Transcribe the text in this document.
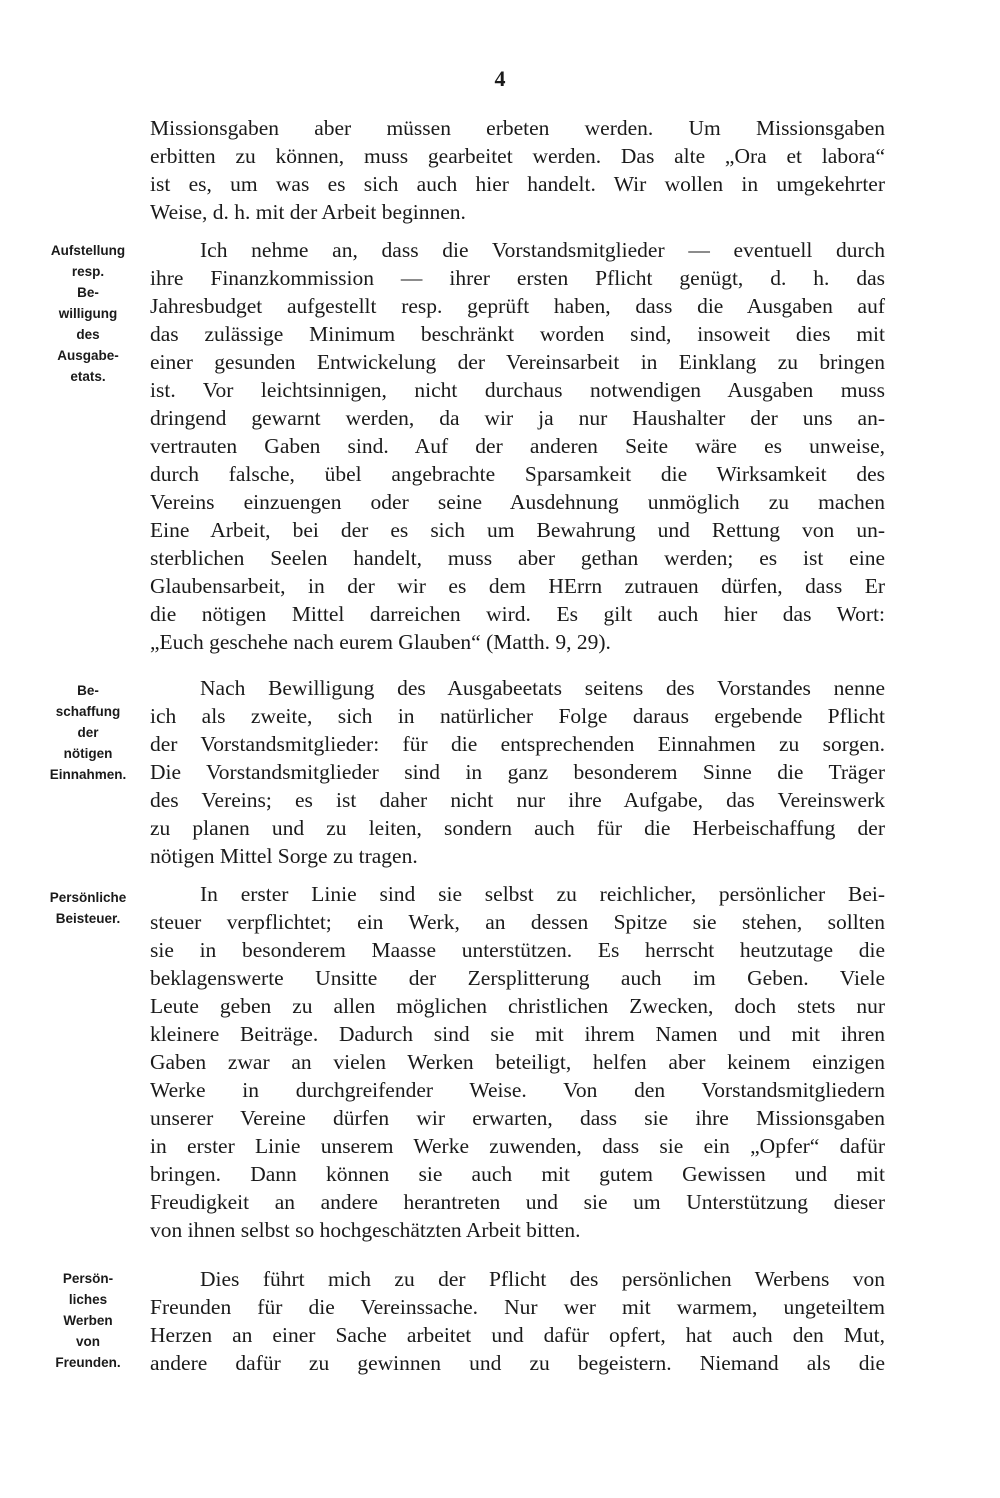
4
Missionsgaben aber müssen erbeten werden. Um Missionsgaben
erbitten zu können, muss gearbeitet werden. Das alte „Ora et labora“
ist es, um was es sich auch hier handelt. Wir wollen in umgekehrter
Weise, d. h. mit der Arbeit beginnen.
Ich nehme an, dass die Vorstandsmitglieder — eventuell durch
ihre Finanzkommission — ihrer ersten Pflicht genügt, d. h. das
Jahresbudget aufgestellt resp. geprüft haben, dass die Ausgaben auf
das zulässige Minimum beschränkt worden sind, insoweit dies mit
einer gesunden Entwickelung der Vereinsarbeit in Einklang zu bringen
ist. Vor leichtsinnigen, nicht durchaus notwendigen Ausgaben muss
dringend gewarnt werden, da wir ja nur Haushalter der uns an-
vertrauten Gaben sind. Auf der anderen Seite wäre es unweise,
durch falsche, übel angebrachte Sparsamkeit die Wirksamkeit des
Vereins einzuengen oder seine Ausdehnung unmöglich zu machen
Eine Arbeit, bei der es sich um Bewahrung und Rettung von un-
sterblichen Seelen handelt, muss aber gethan werden; es ist eine
Glaubensarbeit, in der wir es dem HErrn zutrauen dürfen, dass Er
die nötigen Mittel darreichen wird. Es gilt auch hier das Wort:
„Euch geschehe nach eurem Glauben“ (Matth. 9, 29).
Nach Bewilligung des Ausgabeetats seitens des Vorstandes nenne
ich als zweite, sich in natürlicher Folge daraus ergebende Pflicht
der Vorstandsmitglieder: für die entsprechenden Einnahmen zu sorgen.
Die Vorstandsmitglieder sind in ganz besonderem Sinne die Träger
des Vereins; es ist daher nicht nur ihre Aufgabe, das Vereinswerk
zu planen und zu leiten, sondern auch für die Herbeischaffung der
nötigen Mittel Sorge zu tragen.
In erster Linie sind sie selbst zu reichlicher, persönlicher Bei-
steuer verpflichtet; ein Werk, an dessen Spitze sie stehen, sollten
sie in besonderem Maasse unterstützen. Es herrscht heutzutage die
beklagenswerte Unsitte der Zersplitterung auch im Geben. Viele
Leute geben zu allen möglichen christlichen Zwecken, doch stets nur
kleinere Beiträge. Dadurch sind sie mit ihrem Namen und mit ihren
Gaben zwar an vielen Werken beteiligt, helfen aber keinem einzigen
Werke in durchgreifender Weise. Von den Vorstandsmitgliedern
unserer Vereine dürfen wir erwarten, dass sie ihre Missionsgaben
in erster Linie unserem Werke zuwenden, dass sie ein „Opfer“ dafür
bringen. Dann können sie auch mit gutem Gewissen und mit
Freudigkeit an andere herantreten und sie um Unterstützung dieser
von ihnen selbst so hochgeschätzten Arbeit bitten.
Dies führt mich zu der Pflicht des persönlichen Werbens von
Freunden für die Vereinssache. Nur wer mit warmem, ungeteiltem
Herzen an einer Sache arbeitet und dafür opfert, hat auch den Mut,
andere dafür zu gewinnen und zu begeistern. Niemand als die
Aufstellung
resp.
Be-
willigung
des
Ausgabe-
etats.
Be-
schaffung
der
nötigen
Einnahmen.
Persönliche
Beisteuer.
Persön-
liches
Werben
von
Freunden.
